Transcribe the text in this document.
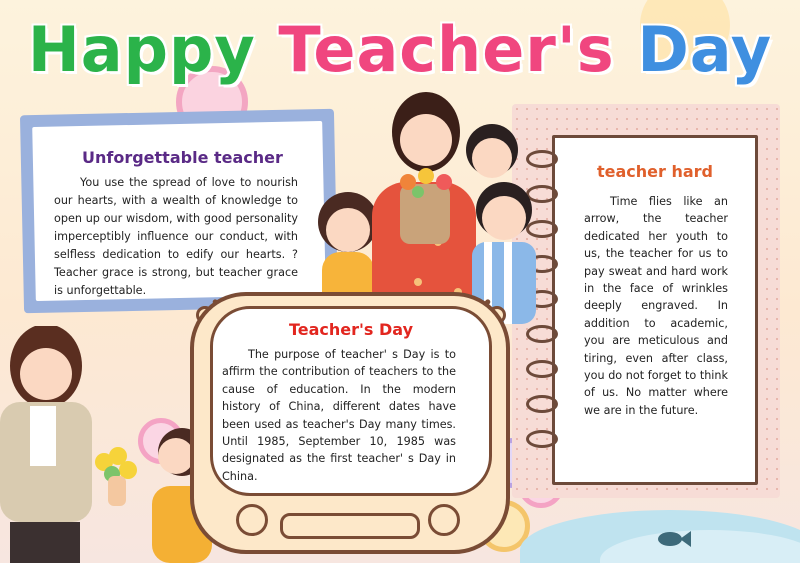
Happy Teacher's Day
Unforgettable teacher
You use the spread of love to nourish our hearts, with a wealth of knowledge to open up our wisdom, with good personality imperceptibly influence our conduct, with selfless dedication to edify our hearts. ? Teacher grace is strong, but teacher grace is unforgettable.
teacher hard
Time flies like an arrow, the teacher dedicated her youth to us, the teacher for us to pay sweat and hard work in the face of wrinkles deeply engraved. In addition to academic, you are meticulous and tiring, even after class, you do not forget to think of us. No matter where we are in the future.
Teacher's Day
The purpose of teacher' s Day is to affirm the contribution of teachers to the cause of education. In the modern history of China, different dates have been used as teacher's Day many times. Until 1985, September 10, 1985 was designated as the first teacher' s Day in China.
